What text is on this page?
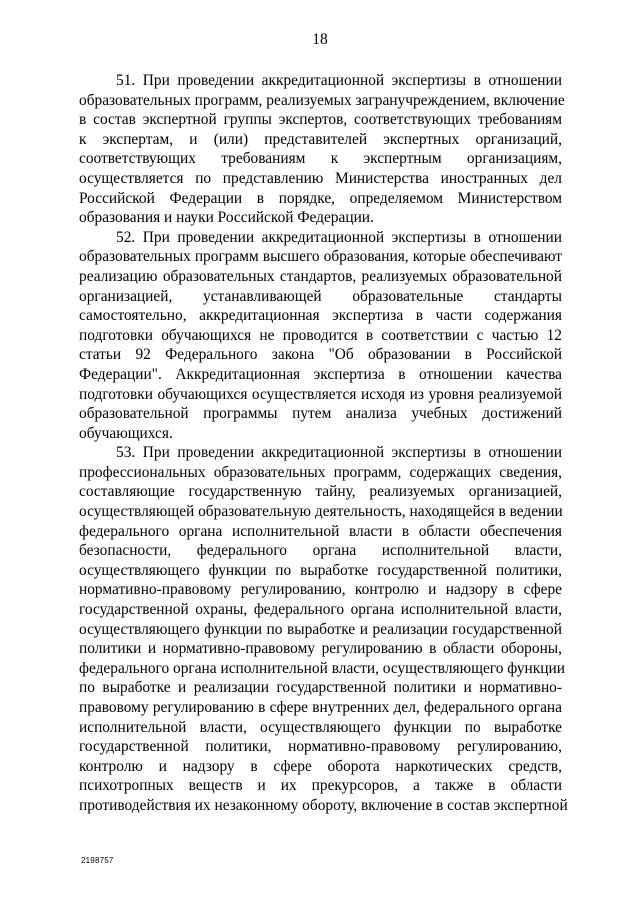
18

51. При проведении аккредитационной экспертизы в отношении
образовательных программ, реализуемых загранучреждением, включение
в состав экспертной группы экспертов, соответствующих требованиям
к экспертам, и (или) представителей экспертных организаций,
соответствующих требованиям к экспертным организациям,
осуществляется по представлению Министерства иностранных дел
Российской Федерации в порядке, определяемом Министерством
образования и науки Российской Федерации.

52. При проведении аккредитационной экспертизы в отношении
образовательных программ высшего образования, которые обеспечивают
реализацию образовательных стандартов, реализуемых образовательной
организацией, устанавливающей образовательные стандарты
самостоятельно, аккредитационная экспертиза в части содержания
подготовки обучающихся не проводится в соответствии с частью 12
статьи 92 Федерального закона "Об образовании в Российской
Федерации". Аккредитационная экспертиза в отношении качества
подготовки обучающихся осуществляется исходя из уровня реализуемой
образовательной программы путем анализа учебных достижений
обучающихся.

53. При проведении аккредитационной экспертизы в отношении
профессиональных образовательных программ, содержащих сведения,
составляющие государственную тайну, реализуемых организацией,
осуществляющей образовательную деятельность, находящейся в ведении
федерального органа исполнительной власти в области обеспечения
безопасности, федерального органа исполнительной власти,
осуществляющего функции по выработке государственной политики,
нормативно-правовому регулированию, контролю и надзору в сфере
государственной охраны, федерального органа исполнительной власти,
осуществляющего функции по выработке и реализации государственной
политики и нормативно-правовому регулированию в области обороны,
федерального органа исполнительной власти, осуществляющего функции
по выработке и реализации государственной политики и нормативно-
правовому регулированию в сфере внутренних дел, федерального органа
исполнительной власти, осуществляющего функции по выработке
государственной политики, нормативно-правовому регулированию,
контролю и надзору в сфере оборота наркотических средств,
психотропных веществ и их прекурсоров, а также в области
противодействия их незаконному обороту, включение в состав экспертной

2198757
